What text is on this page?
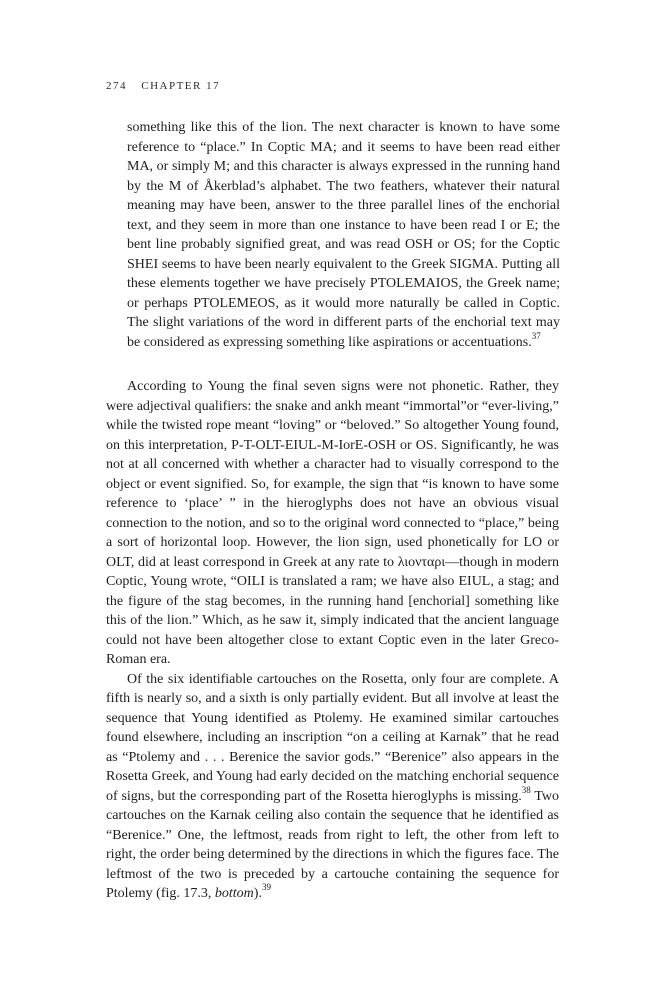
274 CHAPTER 17

something like this of the lion. The next character is known to have some reference to “place.” In Coptic MA; and it seems to have been read either MA, or simply M; and this character is always expressed in the running hand by the M of Åkerblad’s alphabet. The two feathers, whatever their natural meaning may have been, answer to the three parallel lines of the enchorial text, and they seem in more than one instance to have been read I or E; the bent line probably signified great, and was read OSH or OS; for the Coptic SHEI seems to have been nearly equivalent to the Greek SIGMA. Putting all these elements together we have precisely PTOLEMAIOS, the Greek name; or perhaps PTOLEMEOS, as it would more naturally be called in Coptic. The slight variations of the word in different parts of the enchorial text may be considered as expressing something like aspirations or accentuations.$^{37}$

According to Young the final seven signs were not phonetic. Rather, they were adjectival qualifiers: the snake and ankh meant “immortal”or “ever-living,” while the twisted rope meant “loving” or “beloved.” So altogether Young found, on this interpretation, P-T-OLT-EIUL-M-IorE-OSH or OS. Significantly, he was not at all concerned with whether a character had to visually correspond to the object or event signified. So, for example, the sign that “is known to have some reference to ‘place’ ” in the hieroglyphs does not have an obvious visual connection to the notion, and so to the original word connected to “place,” being a sort of horizontal loop. However, the lion sign, used phonetically for LO or OLT, did at least correspond in Greek at any rate to λιονταρι—though in modern Coptic, Young wrote, “OILI is translated a ram; we have also EIUL, a stag; and the figure of the stag becomes, in the running hand [enchorial] something like this of the lion.” Which, as he saw it, simply indicated that the ancient language could not have been altogether close to extant Coptic even in the later Greco-Roman era.

Of the six identifiable cartouches on the Rosetta, only four are complete. A fifth is nearly so, and a sixth is only partially evident. But all involve at least the sequence that Young identified as Ptolemy. He examined similar cartouches found elsewhere, including an inscription “on a ceiling at Karnak” that he read as “Ptolemy and . . . Berenice the savior gods.” “Berenice” also appears in the Rosetta Greek, and Young had early decided on the matching enchorial sequence of signs, but the corresponding part of the Rosetta hieroglyphs is missing.$^{38}$ Two cartouches on the Karnak ceiling also contain the sequence that he identified as “Berenice.” One, the leftmost, reads from right to left, the other from left to right, the order being determined by the directions in which the figures face. The leftmost of the two is preceded by a cartouche containing the sequence for Ptolemy (fig. 17.3, bottom).$^{39}$
